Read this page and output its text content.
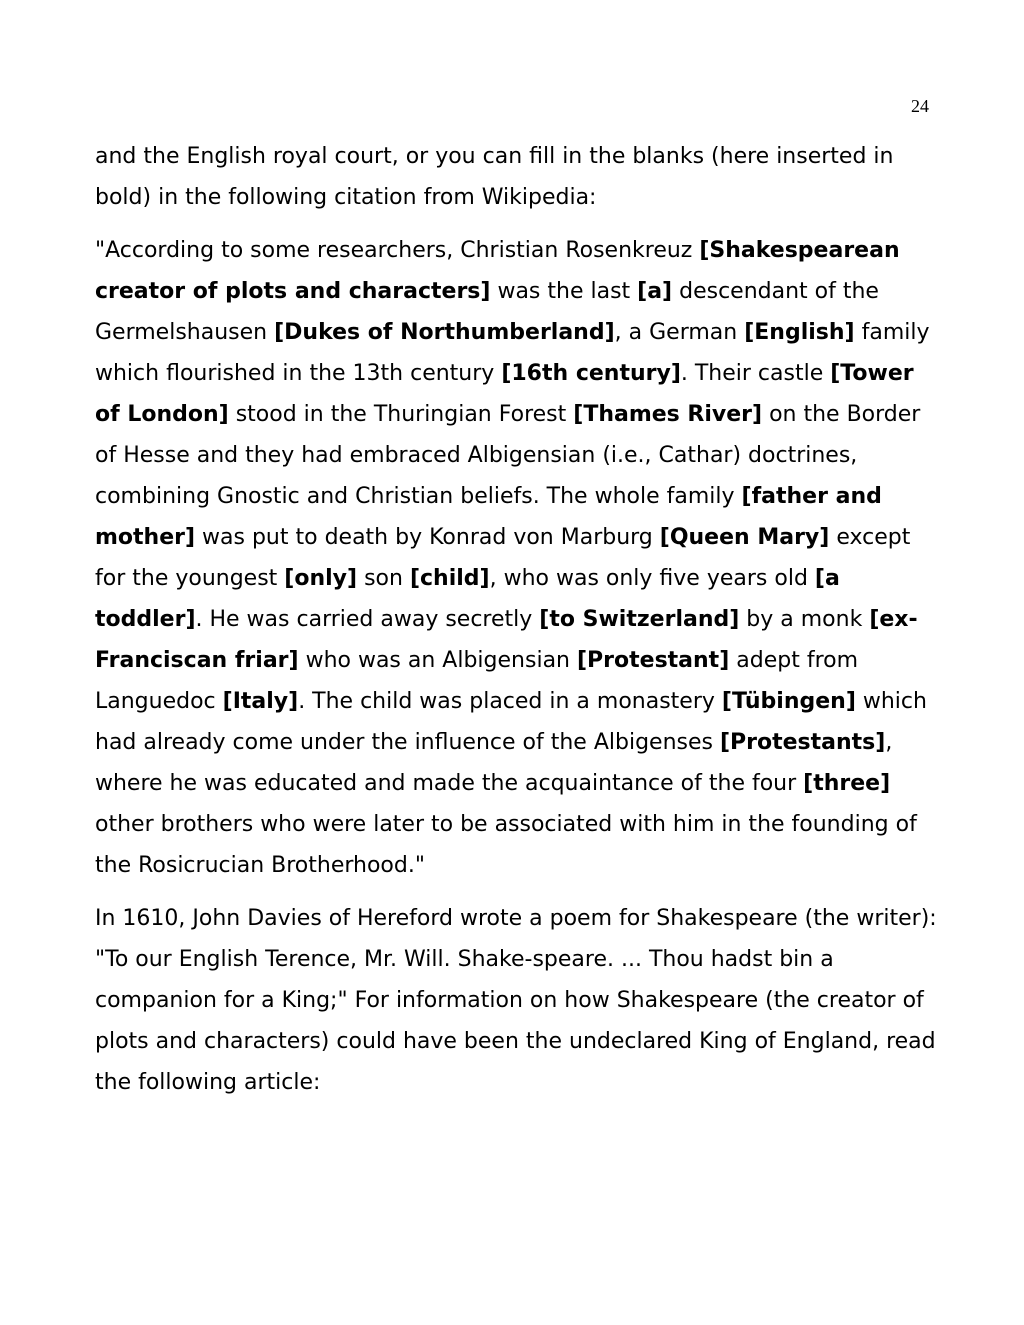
24

and the English royal court, or you can fill in the blanks (here inserted in bold) in the following citation from Wikipedia:

"According to some researchers, Christian Rosenkreuz [Shakespearean creator of plots and characters] was the last [a] descendant of the Germelshausen [Dukes of Northumberland], a German [English] family which flourished in the 13th century [16th century]. Their castle [Tower of London] stood in the Thuringian Forest [Thames River] on the Border of Hesse and they had embraced Albigensian (i.e., Cathar) doctrines, combining Gnostic and Christian beliefs. The whole family [father and mother] was put to death by Konrad von Marburg [Queen Mary] except for the youngest [only] son [child], who was only five years old [a toddler]. He was carried away secretly [to Switzerland] by a monk [ex-Franciscan friar] who was an Albigensian [Protestant] adept from Languedoc [Italy]. The child was placed in a monastery [Tübingen] which had already come under the influence of the Albigenses [Protestants], where he was educated and made the acquaintance of the four [three] other brothers who were later to be associated with him in the founding of the Rosicrucian Brotherhood."

In 1610, John Davies of Hereford wrote a poem for Shakespeare (the writer): "To our English Terence, Mr. Will. Shake-speare. ... Thou hadst bin a companion for a King;" For information on how Shakespeare (the creator of plots and characters) could have been the undeclared King of England, read the following article:
